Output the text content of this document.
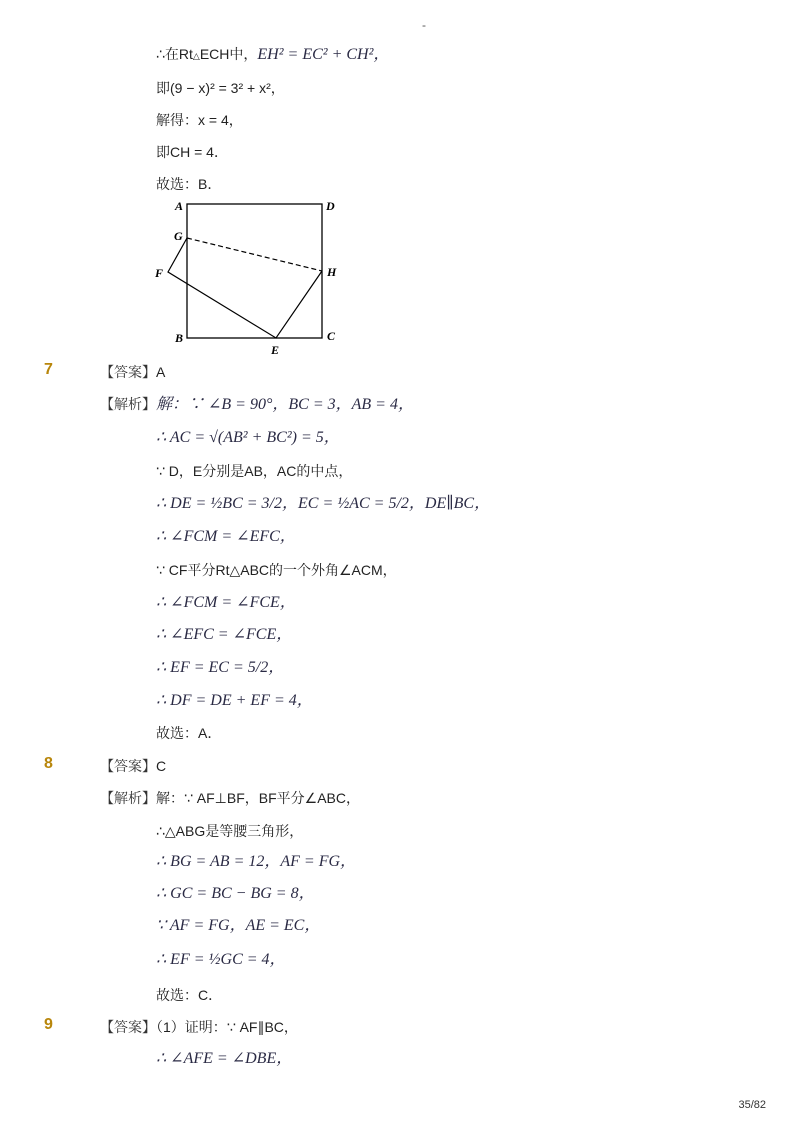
-
∴在Rt△ECH中，EH² = EC² + CH²，
即(9 − x)² = 3² + x²，
解得：x = 4，
即CH = 4．
故选：B．
A	D
G
F	H
B
E
C
7	【答案】A
【解析】解：∵ ∠B = 90°，BC = 3，AB = 4，
∴ AC = √(AB² + BC²) = 5，
∵ D，E分别是AB，AC的中点，
∴ DE = ½BC = 3/2，EC = ½AC = 5/2，DE∥BC，
∴ ∠FCM = ∠EFC，
∵ CF平分Rt△ABC的一个外角∠ACM，
∴ ∠FCM = ∠FCE，
∴ ∠EFC = ∠FCE，
∴ EF = EC = 5/2，
∴ DF = DE + EF = 4，
故选：A．
8	【答案】C
【解析】解：∵ AF⊥BF，BF平分∠ABC，
∴△ABG是等腰三角形，
∴ BG = AB = 12，AF = FG，
∴ GC = BC − BG = 8，
∵ AF = FG，AE = EC，
∴ EF = ½GC = 4，
故选：C．
9	【答案】（1）证明：∵ AF∥BC，
∴ ∠AFE = ∠DBE，
35/82
